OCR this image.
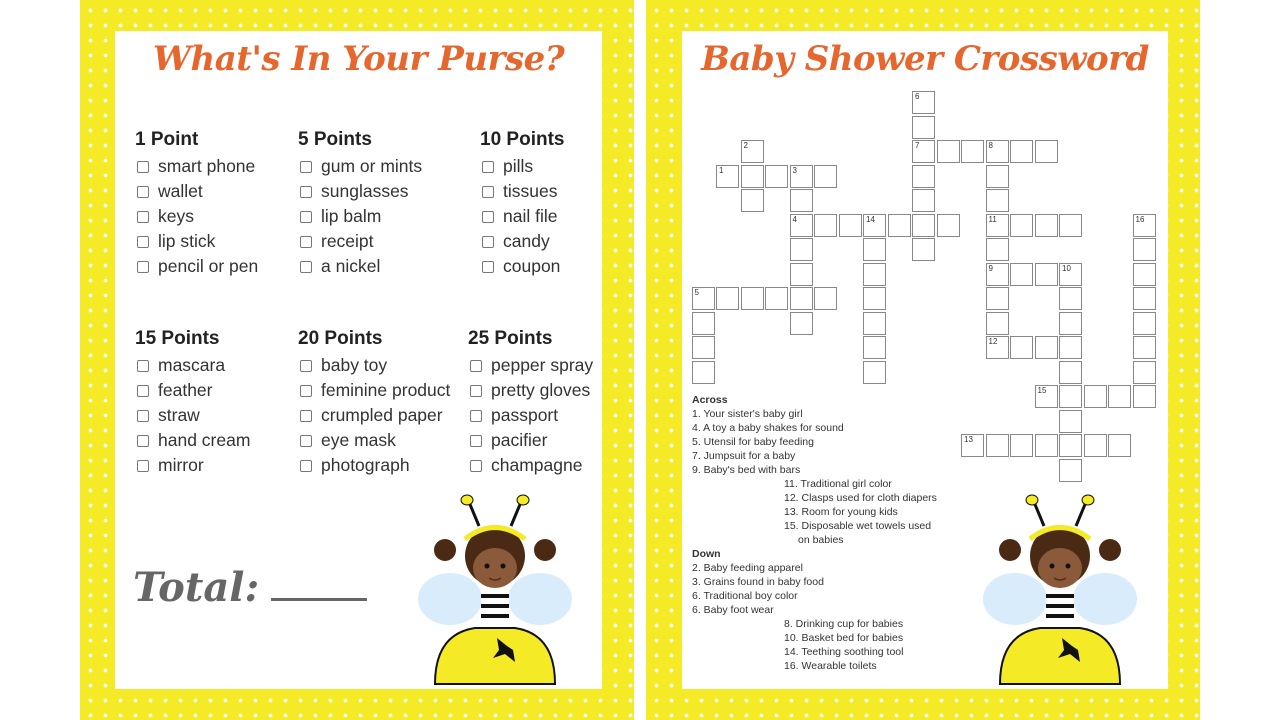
What's In Your Purse?
1 Point
smart phone
wallet
keys
lip stick
pencil or pen
5 Points
gum or mints
sunglasses
lip balm
receipt
a nickel
10 Points
pills
tissues
nail file
candy
coupon
15 Points
mascara
feather
straw
hand cream
mirror
20 Points
baby toy
feminine product
crumpled paper
eye mask
photograph
25 Points
pepper spray
pretty gloves
passport
pacifier
champagne
Total:
Baby Shower Crossword
6
7	8
1	3
2
4	14	11
9
12
16
10
5
15
13
Across
1. Your sister's baby girl
4. A toy a baby shakes for sound
5. Utensil for baby feeding
7. Jumpsuit for a baby
9. Baby's bed with bars
11. Traditional girl color
12. Clasps used for cloth diapers
13. Room for young kids
15. Disposable wet towels used
on babies
Down
2. Baby feeding apparel
3. Grains found in baby food
6. Traditional boy color
6. Baby foot wear
8. Drinking cup for babies
10. Basket bed for babies
14. Teething soothing tool
16. Wearable toilets
